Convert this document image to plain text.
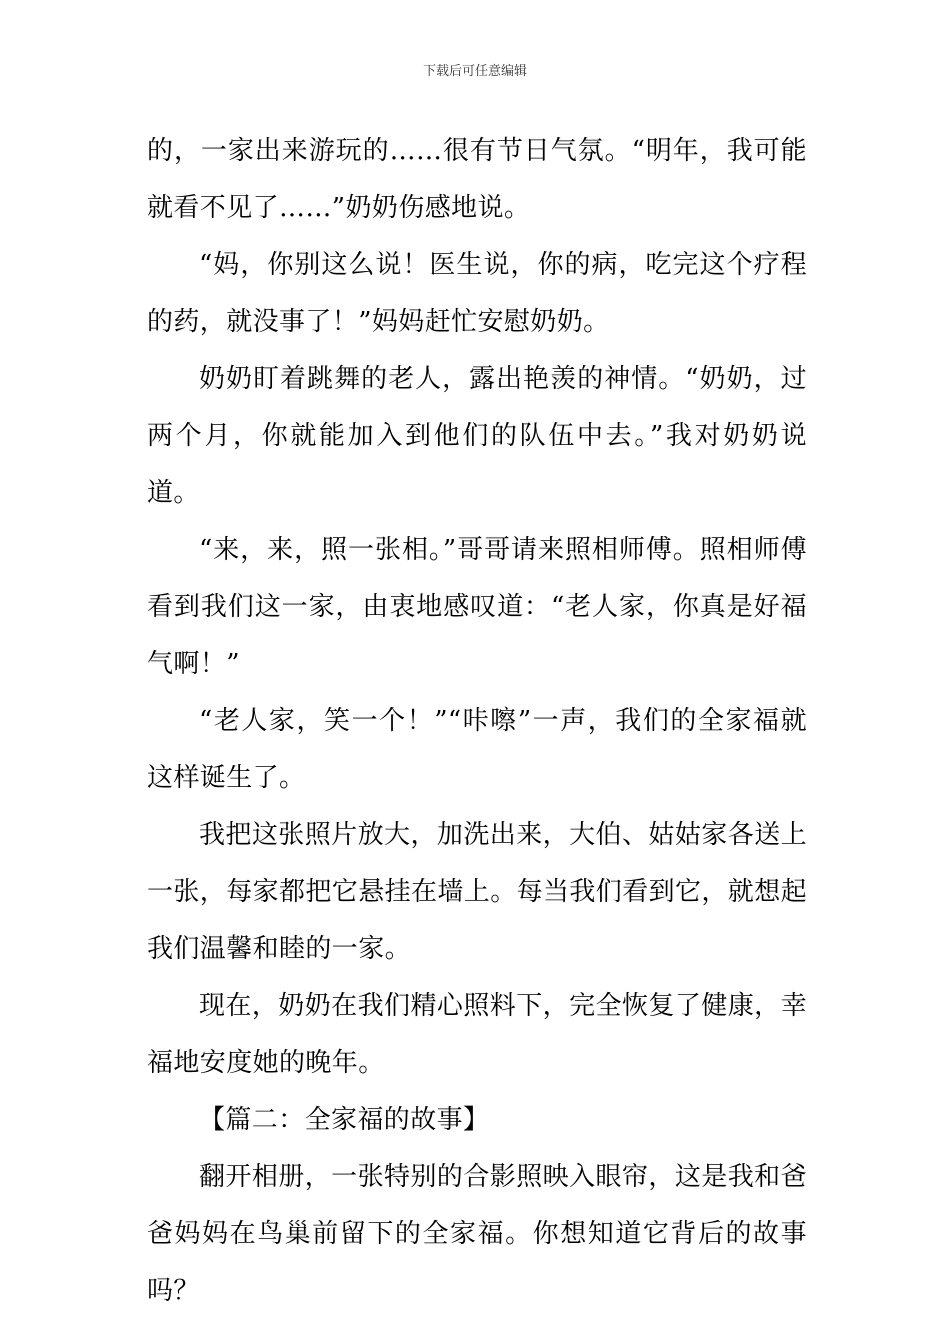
下载后可任意编辑

的，一家出来游玩的……很有节日气氛。“明年，我可能就看不见了……”奶奶伤感地说。

“妈，你别这么说！医生说，你的病，吃完这个疗程的药，就没事了！”妈妈赶忙安慰奶奶。

奶奶盯着跳舞的老人，露出艳羡的神情。“奶奶，过两个月，你就能加入到他们的队伍中去。”我对奶奶说道。

“来，来，照一张相。”哥哥请来照相师傅。照相师傅看到我们这一家，由衷地感叹道：“老人家，你真是好福气啊！”

“老人家，笑一个！”“咔嚓”一声，我们的全家福就这样诞生了。

我把这张照片放大，加洗出来，大伯、姑姑家各送上一张，每家都把它悬挂在墙上。每当我们看到它，就想起我们温馨和睦的一家。

现在，奶奶在我们精心照料下，完全恢复了健康，幸福地安度她的晚年。

【篇二：全家福的故事】

翻开相册，一张特别的合影照映入眼帘，这是我和爸爸妈妈在鸟巢前留下的全家福。你想知道它背后的故事吗？
